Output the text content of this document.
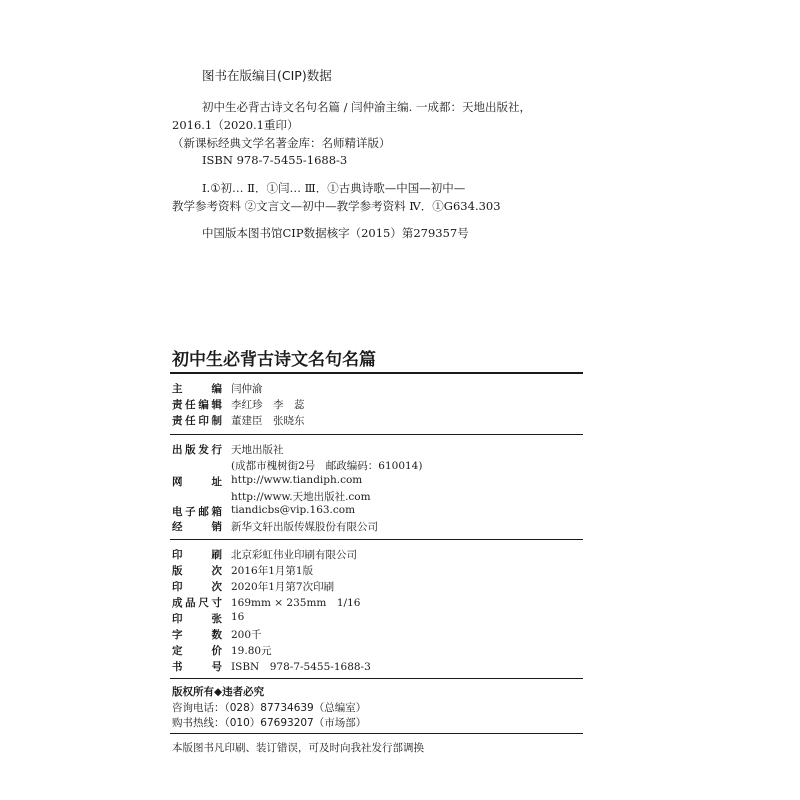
图书在版编目(CIP)数据
初中生必背古诗文名句名篇 / 闫仲渝主编. 一成都：天地出版社，
2016.1（2020.1重印）
（新课标经典文学名著金库：名师精详版）
ISBN 978-7-5455-1688-3
Ⅰ.①初… Ⅱ．①闫… Ⅲ．①古典诗歌—中国—初中—
教学参考资料 ②文言文—初中—教学参考资料 Ⅳ．①G634.303
中国版本图书馆CIP数据核字（2015）第279357号
初中生必背古诗文名句名篇
主　编 闫仲渝
责任编辑 李红珍　李　蕊
责任印制 董建臣　张晓东
出版发行 天地出版社
(成都市槐树街2号　邮政编码：610014)
网　址 http://www.tiandiph.com
http://www.天地出版社.com
电子邮箱 tiandicbs@vip.163.com
经　销 新华文轩出版传媒股份有限公司
印　刷 北京彩虹伟业印刷有限公司
版　次 2016年1月第1版
印　次 2020年1月第7次印刷
成品尺寸 169mm × 235mm　1/16
印　张 16
字　数 200千
定　价 19.80元
书　号 ISBN　978-7-5455-1688-3
版权所有◆违者必究
咨询电话：（028）87734639（总编室）
购书热线：（010）67693207（市场部）
本版图书凡印刷、装订错误，可及时向我社发行部调换
